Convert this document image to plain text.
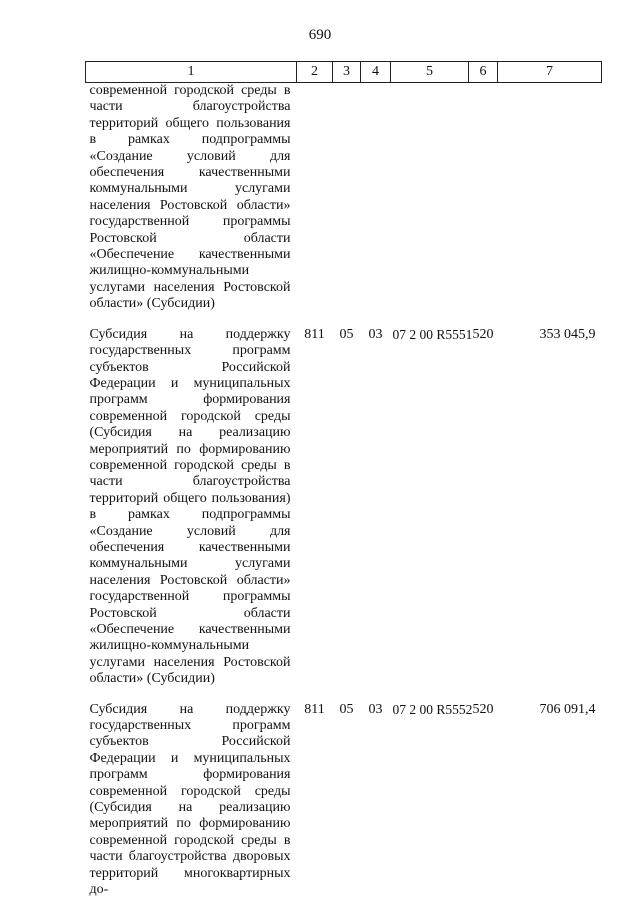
690
1	2	3	4	5	6	7
современной городской среды в части благоустройства территорий общего пользования в рамках подпрограммы «Создание условий для обеспечения качественными коммунальными услугами населения Ростовской области» государственной программы Ростовской области «Обеспечение качественными жилищно-коммунальными услугами населения Ростовской области» (Субсидии)						
Субсидия на поддержку государственных программ субъектов Российской Федерации и муниципальных программ формирования современной городской среды (Субсидия на реализацию мероприятий по формированию современной городской среды в части благоустройства территорий общего пользования) в рамках подпрограммы «Создание условий для обеспечения качественными коммунальными услугами населения Ростовской области» государственной программы Ростовской области «Обеспечение качественными жилищно-коммунальными услугами населения Ростовской области» (Субсидии)	811	05	03	07 2 00 R5551	520	353 045,9
Субсидия на поддержку государственных программ субъектов Российской Федерации и муниципальных программ формирования современной городской среды (Субсидия на реализацию мероприятий по формированию современной городской среды в части благоустройства дворовых территорий многоквартирных до-	811	05	03	07 2 00 R5552	520	706 091,4
